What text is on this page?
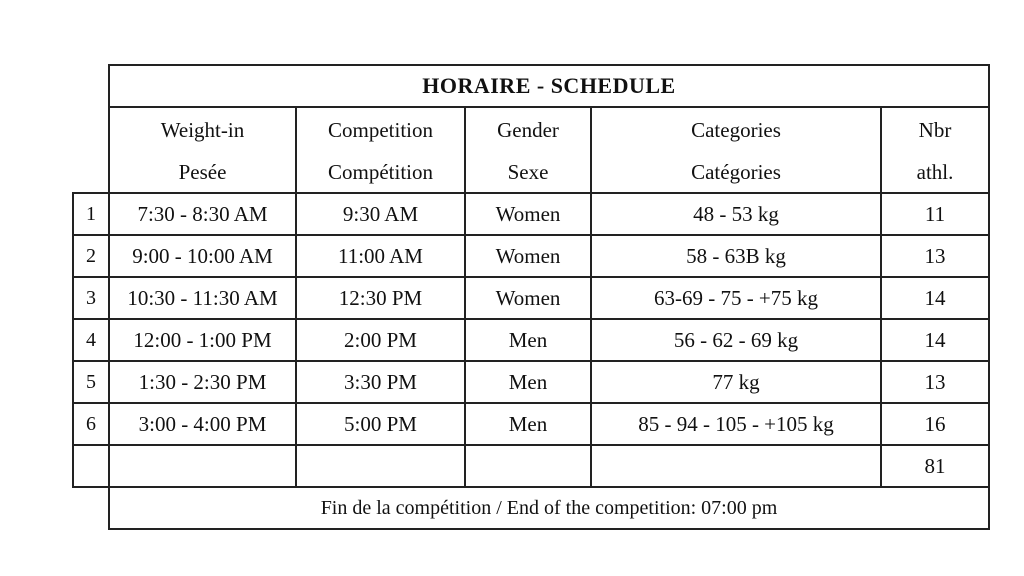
	HORAIRE - SCHEDULE				
	Weight-in	Competition	Gender	Categories	Nbr
	Pesée	Compétition	Sexe	Catégories	athl.
1	7:30 - 8:30 AM	9:30 AM	Women	48 - 53 kg	11
2	9:00 - 10:00 AM	11:00 AM	Women	58 - 63B kg	13
3	10:30 - 11:30 AM	12:30 PM	Women	63-69 - 75 - +75 kg	14
4	12:00 - 1:00 PM	2:00 PM	Men	56 - 62 - 69 kg	14
5	1:30 - 2:30 PM	3:30 PM	Men	77 kg	13
6	3:00 - 4:00 PM	5:00 PM	Men	85 - 94 - 105 - +105 kg	16
					81
	Fin de la compétition / End of the competition: 07:00 pm				
